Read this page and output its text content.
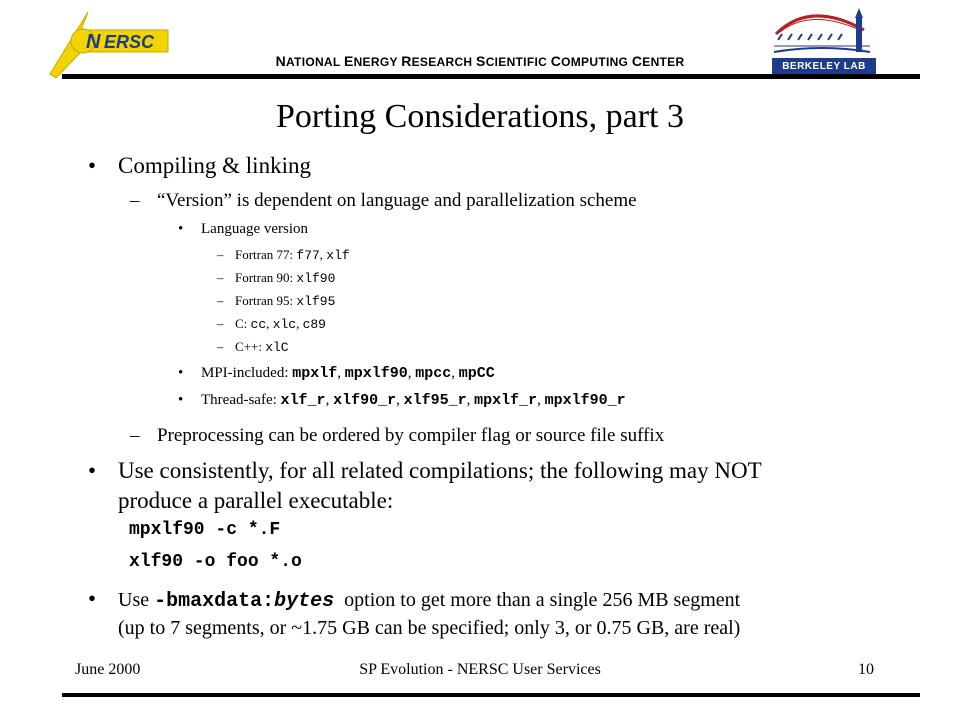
N ERSC
NATIONAL ENERGY RESEARCH SCIENTIFIC COMPUTING CENTER	BERKELEY LAB
Porting Considerations, part 3
• Compiling & linking
– “Version” is dependent on language and parallelization scheme
• Language version
– Fortran 77: f77, xlf
– Fortran 90: xlf90
– Fortran 95: xlf95
– C: cc, xlc, c89
– C++: xlC
• MPI-included: mpxlf, mpxlf90, mpcc, mpCC
• Thread-safe: xlf_r, xlf90_r, xlf95_r, mpxlf_r, mpxlf90_r
– Preprocessing can be ordered by compiler flag or source file suffix
• Use consistently, for all related compilations; the following may NOT
produce a parallel executable:
mpxlf90 -c *.F
xlf90 -o foo *.o
• Use -bmaxdata:bytes  option to get more than a single 256 MB segment
(up to 7 segments, or ~1.75 GB can be specified; only 3, or 0.75 GB, are real)
June 2000	SP Evolution - NERSC User Services	10
